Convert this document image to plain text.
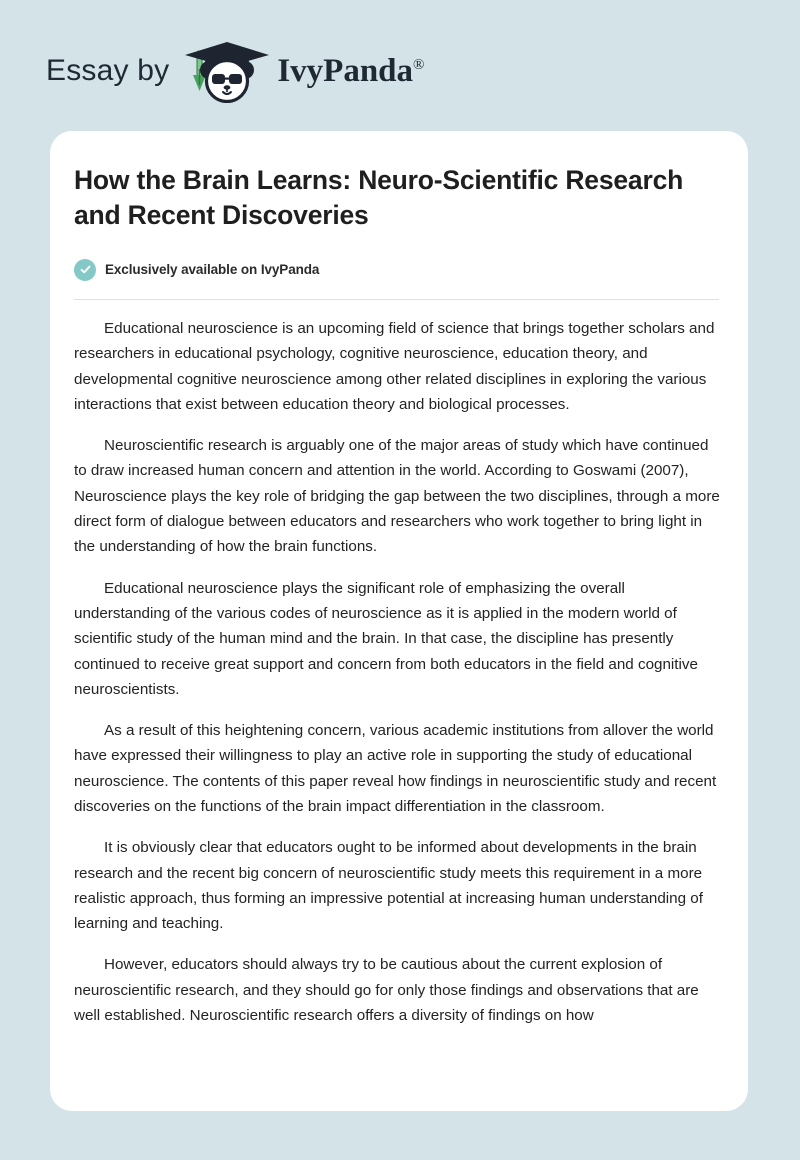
Essay by	IvyPanda®
How the Brain Learns: Neuro-Scientific Research and Recent Discoveries
Exclusively available on IvyPanda

Educational neuroscience is an upcoming field of science that brings together scholars and researchers in educational psychology, cognitive neuroscience, education theory, and developmental cognitive neuroscience among other related disciplines in exploring the various interactions that exist between education theory and biological processes.

Neuroscientific research is arguably one of the major areas of study which have continued to draw increased human concern and attention in the world. According to Goswami (2007), Neuroscience plays the key role of bridging the gap between the two disciplines, through a more direct form of dialogue between educators and researchers who work together to bring light in the understanding of how the brain functions.

Educational neuroscience plays the significant role of emphasizing the overall understanding of the various codes of neuroscience as it is applied in the modern world of scientific study of the human mind and the brain. In that case, the discipline has presently continued to receive great support and concern from both educators in the field and cognitive neuroscientists.

As a result of this heightening concern, various academic institutions from allover the world have expressed their willingness to play an active role in supporting the study of educational neuroscience. The contents of this paper reveal how findings in neuroscientific study and recent discoveries on the functions of the brain impact differentiation in the classroom.

It is obviously clear that educators ought to be informed about developments in the brain research and the recent big concern of neuroscientific study meets this requirement in a more realistic approach, thus forming an impressive potential at increasing human understanding of learning and teaching.

However, educators should always try to be cautious about the current explosion of neuroscientific research, and they should go for only those findings and observations that are well established. Neuroscientific research offers a diversity of findings on how
